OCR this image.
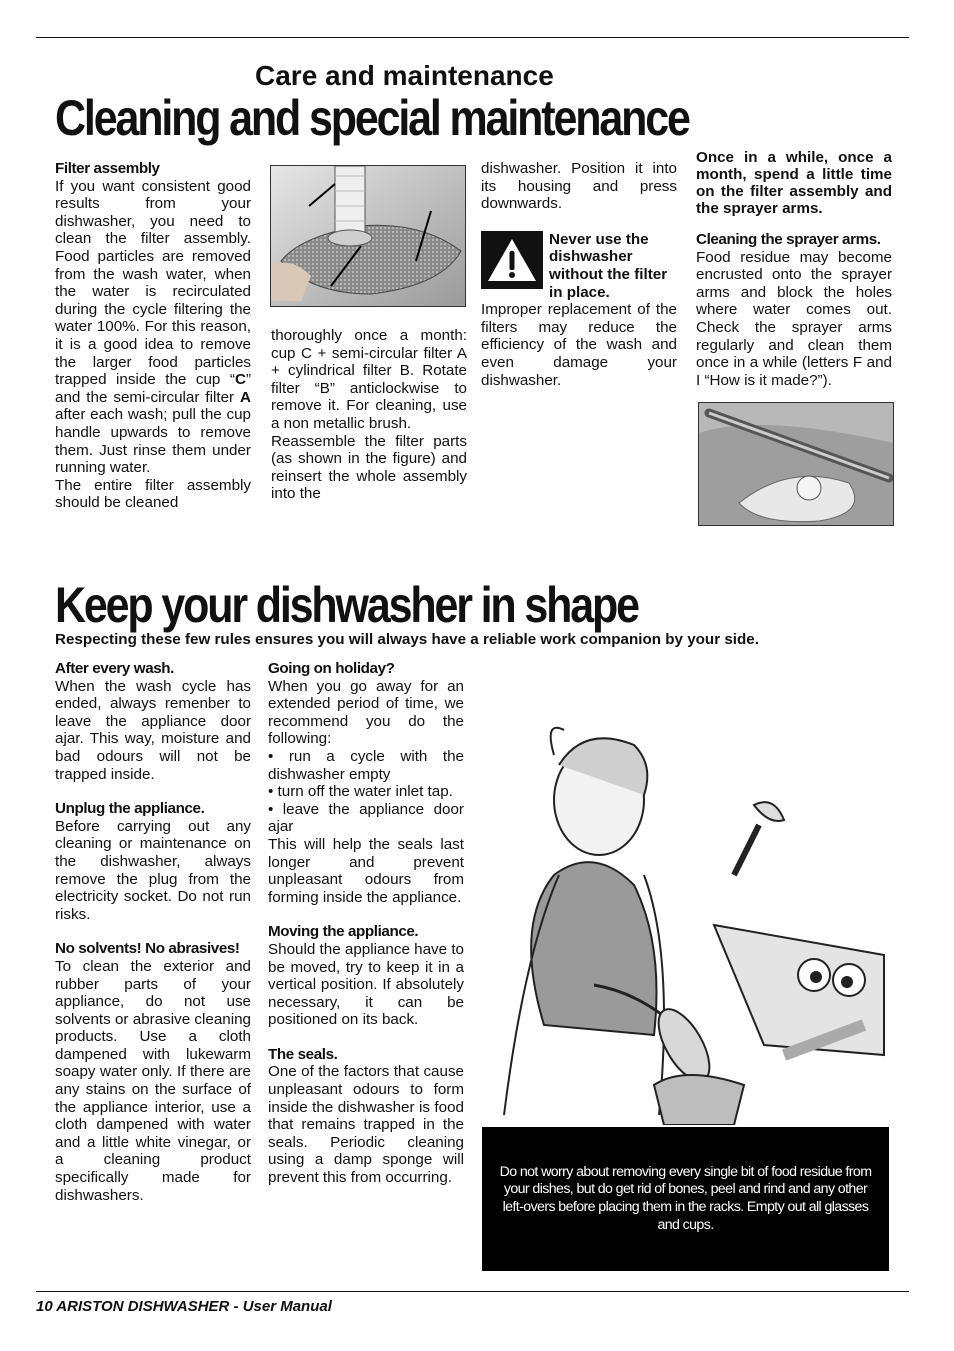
Care and maintenance
Cleaning and special maintenance

Filter assembly

If you want consistent good results from your dishwasher, you need to clean the filter assembly. Food particles are removed from the wash water, when the water is recirculated during the cycle filtering the water 100%. For this reason, it is a good idea to remove the larger food particles trapped inside the cup “C” and the semi-circular filter A after each wash; pull the cup handle upwards to remove them. Just rinse them under running water.

The entire filter assembly should be cleaned

thoroughly once a month: cup C + semi-circular filter A + cylindrical filter B. Rotate filter “B” anticlockwise to remove it. For cleaning, use a non metallic brush.

Reassemble the filter parts (as shown in the figure) and reinsert the whole assembly into the

dishwasher. Position it into its housing and press downwards.

Never use the dishwasher without the filter in place.

Improper replacement of the filters may reduce the efficiency of the wash and even damage your dishwasher.

Once in a while, once a month, spend a little time on the filter assembly and the sprayer arms.

Cleaning the sprayer arms.

Food residue may become encrusted onto the sprayer arms and block the holes where water comes out. Check the sprayer arms regularly and clean them once in a while (letters F and I “How is it made?”).

Keep your dishwasher in shape
Respecting these few rules ensures you will always have a reliable work companion by your side.

After every wash.

When the wash cycle has ended, always remenber to leave the appliance door ajar. This way, moisture and bad odours will not be trapped inside.

Unplug the appliance.

Before carrying out any cleaning or maintenance on the dishwasher, always remove the plug from the electricity socket. Do not run risks.

No solvents! No abrasives!

To clean the exterior and rubber parts of your appliance, do not use solvents or abrasive cleaning products. Use a cloth dampened with lukewarm soapy water only. If there are any stains on the surface of the appliance interior, use a cloth dampened with water and a little white vinegar, or a cleaning product specifically made for dishwashers.

Going on holiday?

When you go away for an extended period of time, we recommend you do the following:

• run a cycle with the dishwasher empty

• turn off the water inlet tap.

• leave the appliance door ajar

This will help the seals last longer and prevent unpleasant odours from forming inside the appliance.

Moving the appliance.

Should the appliance have to be moved, try to keep it in a vertical position. If absolutely necessary, it can be positioned on its back.

The seals.

One of the factors that cause unpleasant odours to form inside the dishwasher is food that remains trapped in the seals. Periodic cleaning using a damp sponge will prevent this from occurring.	Do not worry about removing every single bit of food residue from your dishes, but do get rid of bones, peel and rind and any other left-overs before placing them in the racks. Empty out all glasses and cups.
10 ARISTON DISHWASHER - User Manual
